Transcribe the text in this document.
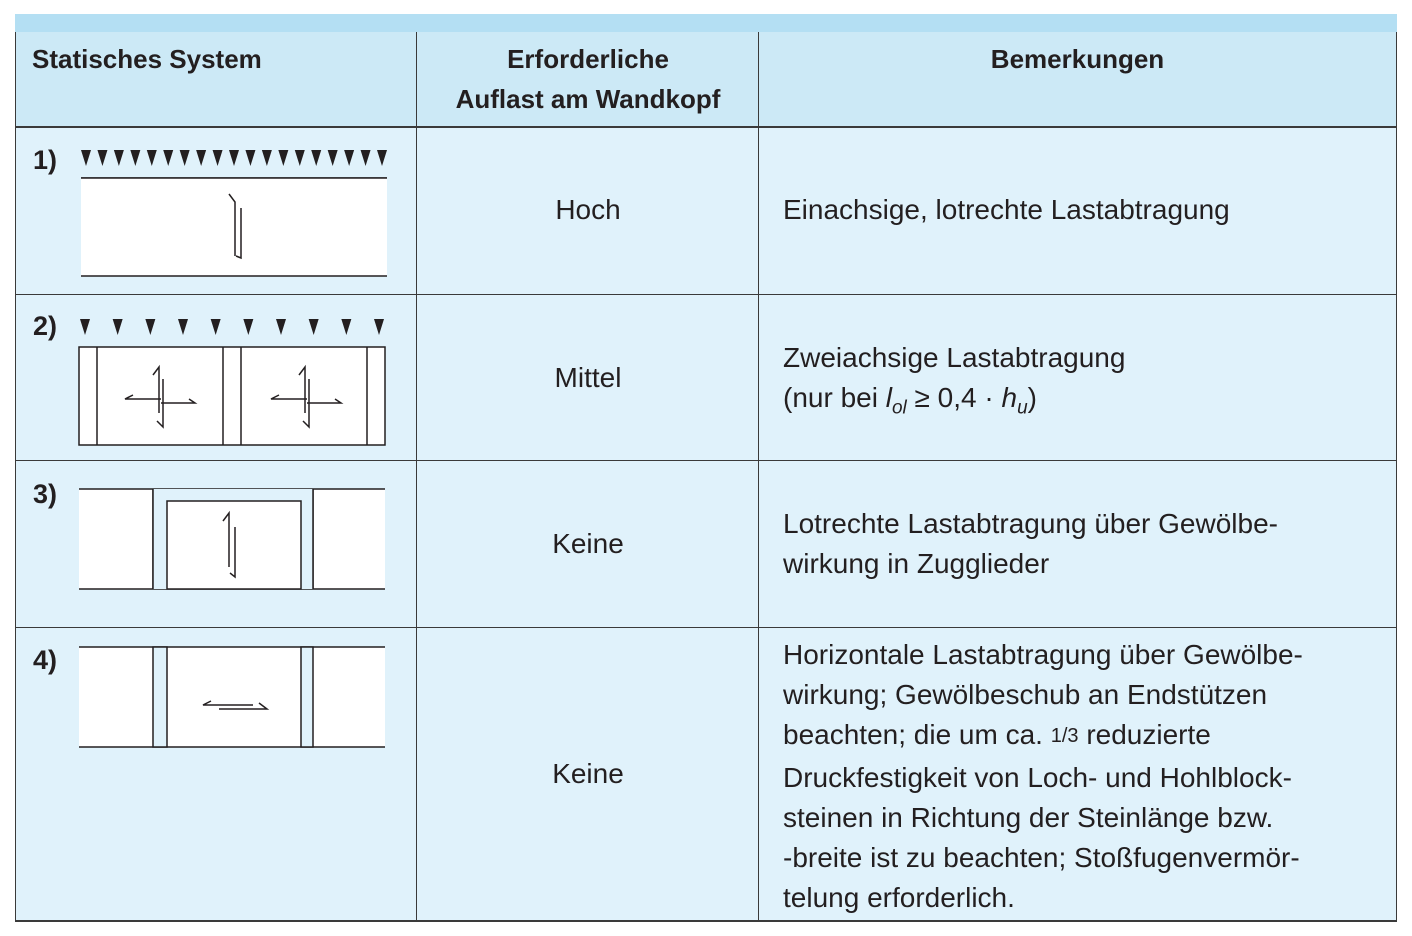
Statisches System	Erforderliche
Auflast am Wandkopf
Bemerkungen
1)
Hoch	Einachsige, lotrechte Lastabtragung
2)
Mittel
Zweiachsige Lastabtragung
(nur bei $l_{ol} \ge 0,4 \cdot h_u$)
3)
Keine
Lotrechte Lastabtragung über Gewölbe-
wirkung in Zugglieder
4)
Keine
Horizontale Lastabtragung über Gewölbe-
wirkung; Gewölbeschub an Endstützen
beachten; die um ca. 1/3 reduzierte
Druckfestigkeit von Loch- und Hohlblock-
steinen in Richtung der Steinlänge bzw.
-breite ist zu beachten; Stoßfugenvermör-
telung erforderlich.
